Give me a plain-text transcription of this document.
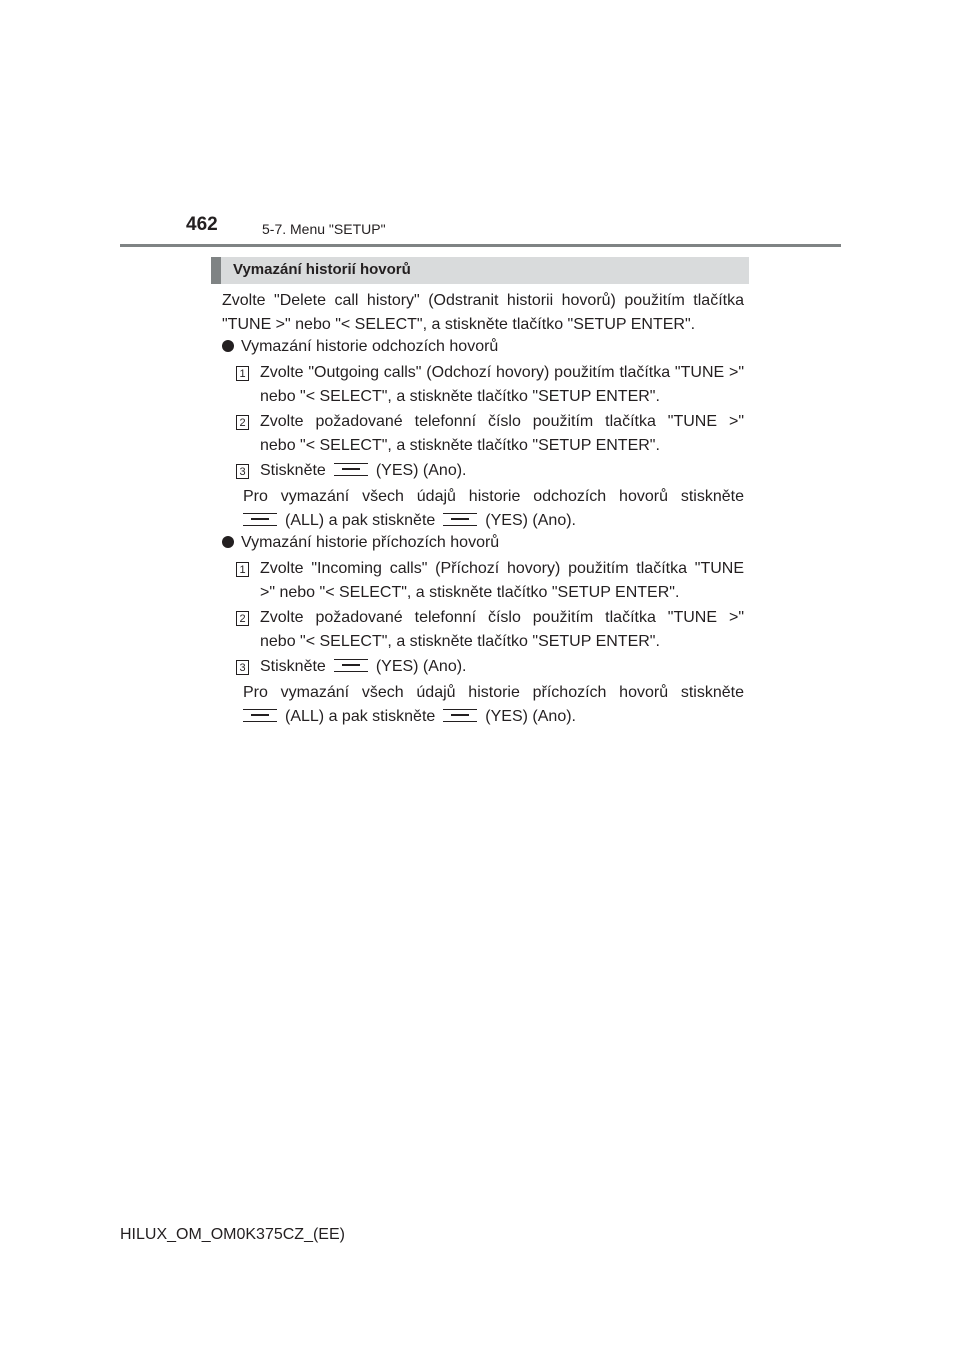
462	5-7. Menu "SETUP"
Vymazání historií hovorů
Zvolte "Delete call history" (Odstranit historii hovorů) použitím tlačítka
"TUNE >" nebo "< SELECT", a stiskněte tlačítko "SETUP ENTER".
Vymazání historie odchozích hovorů
1 Zvolte "Outgoing calls" (Odchozí hovory) použitím tlačítka "TUNE >"
nebo "< SELECT", a stiskněte tlačítko "SETUP ENTER".
2 Zvolte požadované telefonní číslo použitím tlačítka "TUNE >"
nebo "< SELECT", a stiskněte tlačítko "SETUP ENTER".
3 Stiskněte	(YES) (Ano).
Pro vymazání všech údajů historie odchozích hovorů stiskněte
(ALL) a pak stiskněte	(YES) (Ano).
Vymazání historie příchozích hovorů
1 Zvolte "Incoming calls" (Příchozí hovory) použitím tlačítka "TUNE
>" nebo "< SELECT", a stiskněte tlačítko "SETUP ENTER".
2 Zvolte požadované telefonní číslo použitím tlačítka "TUNE >"
nebo "< SELECT", a stiskněte tlačítko "SETUP ENTER".
3 Stiskněte	(YES) (Ano).
Pro vymazání všech údajů historie příchozích hovorů stiskněte
(ALL) a pak stiskněte	(YES) (Ano).
HILUX_OM_OM0K375CZ_(EE)
